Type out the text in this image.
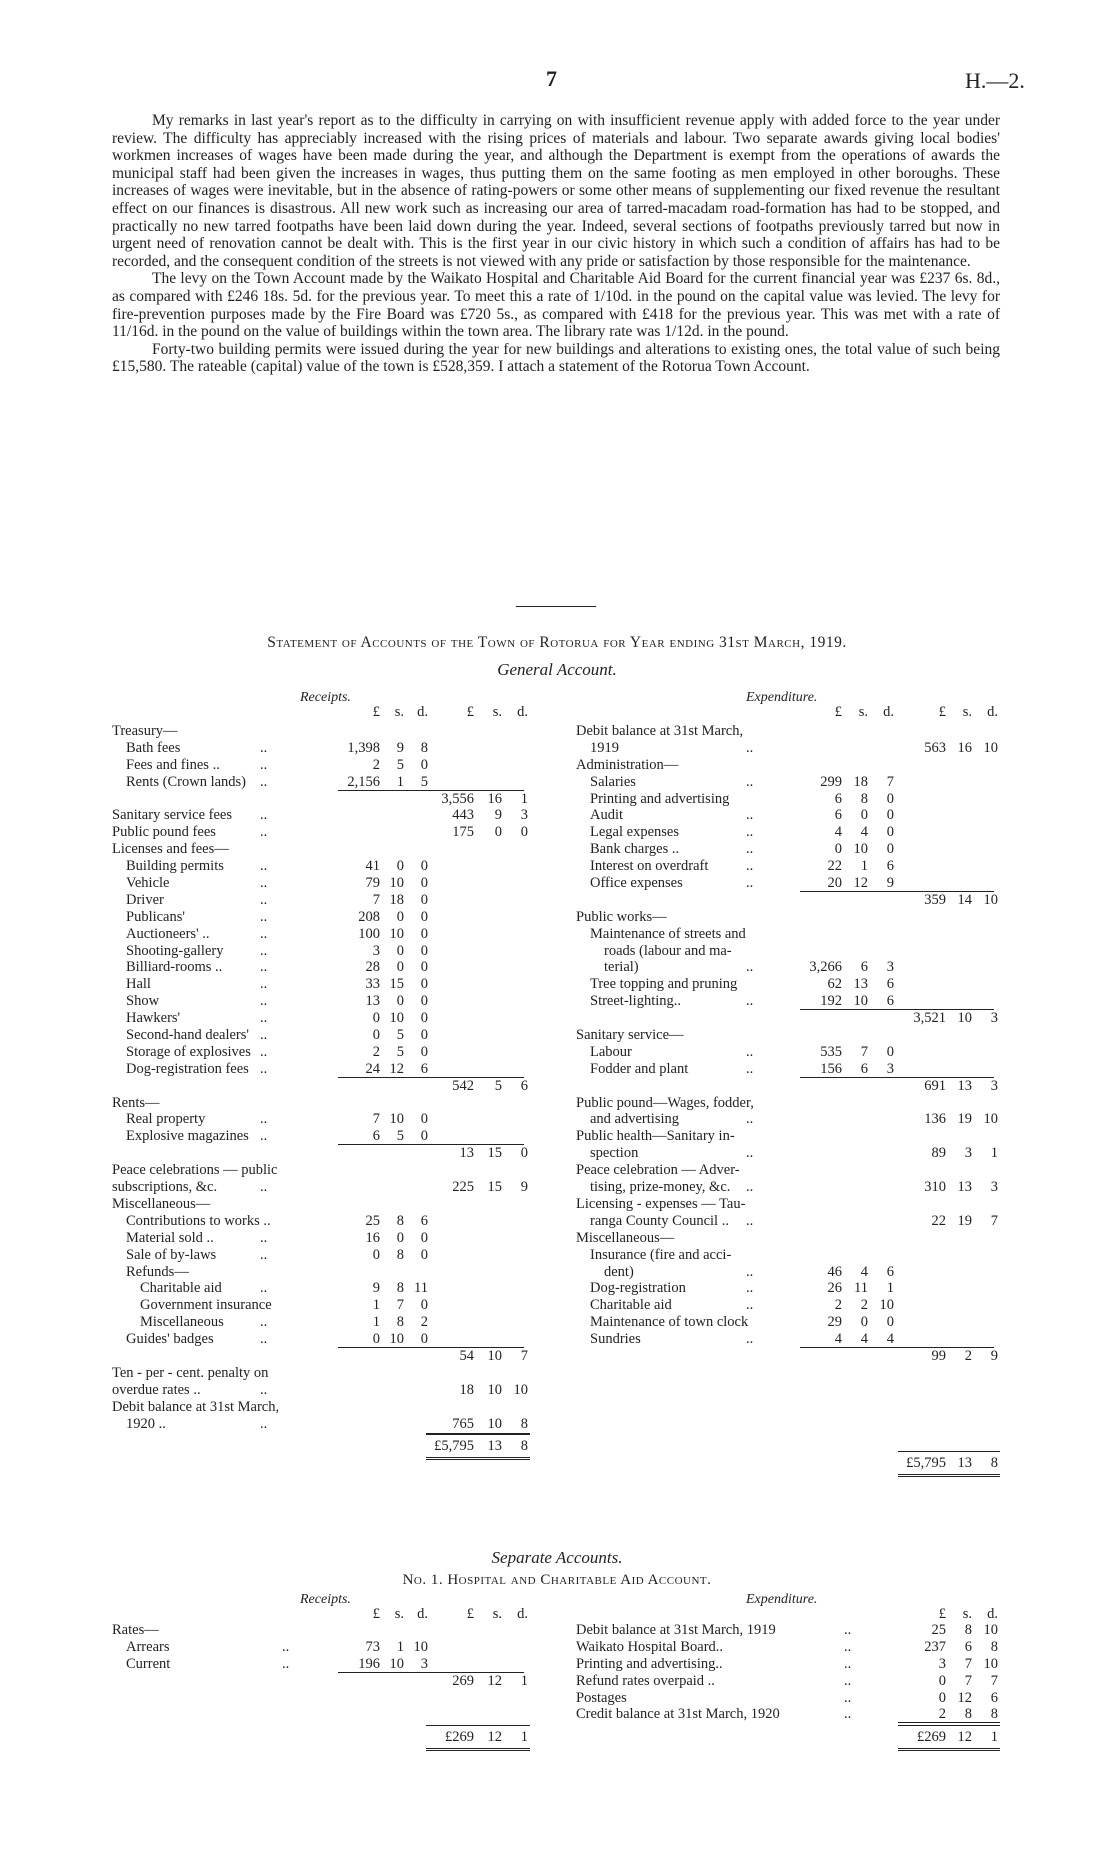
7	H.—2.

My remarks in last year's report as to the difficulty in carrying on with insufficient revenue apply with added force to the year under review. The difficulty has appreciably increased with the rising prices of materials and labour. Two separate awards giving local bodies' workmen increases of wages have been made during the year, and although the Department is exempt from the operations of awards the municipal staff had been given the increases in wages, thus putting them on the same footing as men employed in other boroughs. These increases of wages were inevitable, but in the absence of rating-powers or some other means of supplementing our fixed revenue the resultant effect on our finances is disastrous. All new work such as increasing our area of tarred-macadam road-formation has had to be stopped, and practically no new tarred footpaths have been laid down during the year. Indeed, several sections of footpaths previously tarred but now in urgent need of renovation cannot be dealt with. This is the first year in our civic history in which such a condition of affairs has had to be recorded, and the consequent condition of the streets is not viewed with any pride or satisfaction by those responsible for the maintenance.

The levy on the Town Account made by the Waikato Hospital and Charitable Aid Board for the current financial year was £237 6s. 8d., as compared with £246 18s. 5d. for the previous year. To meet this a rate of 1/10d. in the pound on the capital value was levied. The levy for fire-prevention purposes made by the Fire Board was £720 5s., as compared with £418 for the previous year. This was met with a rate of 11/16d. in the pound on the value of buildings within the town area. The library rate was 1/12d. in the pound.

Forty-two building permits were issued during the year for new buildings and alterations to existing ones, the total value of such being £15,580. The rateable (capital) value of the town is £528,359. I attach a statement of the Rotorua Town Account.

Statement of Accounts of the Town of Rotorua for Year ending 31st March, 1919.
General Account.
Receipts.	Expenditure.
£	s. d.	£	s.	d.	£	s.	d.	£	s.	d.
Treasury—
Bath fees	..	1,398	9	8
Fees and fines ..	..	2	5	0
Rents (Crown lands) ..	2,156	1	5
3,556 16	1
Sanitary service fees ..	443	9	3
Public pound fees	..	175	0	0
Licenses and fees—
Building permits ..	41	0	0
Vehicle	..	79 10	0
Driver	..	7 18	0
Publicans'	..	208	0	0
Auctioneers' ..	..	100 10	0
Shooting-gallery	..	3	0	0
Billiard-rooms ..	..	28	0	0
Hall	..	33 15	0
Show	..	13	0	0
Hawkers'	..	0 10	0
Second-hand dealers' ..	0	5	0
Storage of explosives ..	2	5	0
Dog-registration fees ..	24 12	6
542	5	6
Rents—
Real property	..	7 10	0
Explosive magazines ..	6	5	0
13 15	0
Peace celebrations — public
subscriptions, &c.	..	225 15	9
Miscellaneous—
Contributions to works ..	25	8	6
Material sold ..	..	16	0	0
Sale of by-laws	..	0	8	0
Refunds—
Charitable aid	..	9	8 11
Government insurance	1	7	0
Miscellaneous ..	1	8	2
Guides' badges	..	0 10	0
54 10	7
Ten - per - cent. penalty on
overdue rates ..	..	18 10 10
Debit balance at 31st March,
1920 ..	..	765 10	8
£5,795 13	8
Debit balance at 31st March,
1919	..	563 16 10
Administration—
Salaries	..	299 18	7
Printing and advertising	6	8	0
Audit	..	6	0	0
Legal expenses	..	4	4	0
Bank charges ..	..	0 10	0
Interest on overdraft	..	22	1	6
Office expenses	..	20 12	9
359 14 10
Public works—
Maintenance of streets and
roads (labour and ma-
terial)	..	3,266	6	3
Tree topping and pruning	62 13	6
Street-lighting..	..	192 10	6
3,521 10	3
Sanitary service—
Labour	..	535	7	0
Fodder and plant	..	156	6	3
691 13	3
Public pound—Wages, fodder,
and advertising	..	136 19 10
Public health—Sanitary in-
spection	..	89	3	1
Peace celebration — Adver-
tising, prize-money, &c. ..	310 13	3
Licensing - expenses — Tau-
ranga County Council .. ..	22 19	7
Miscellaneous—
Insurance (fire and acci-
dent)	..	46	4	6
Dog-registration	..	26 11	1
Charitable aid	..	2	2 10
Maintenance of town clock	29	0	0
Sundries	..	4	4	4
99	2	9
£5,795 13	8
Separate Accounts.
No. 1. Hospital and Charitable Aid Account.
Receipts.	Expenditure.
£	s. d.	£	s.	d.	£	s.	d.
Rates—
Arrears	..	73	1 10
Current	..	196 10	3
269 12	1
£269 12	1
Debit balance at 31st March, 1919	..	25	8 10
Waikato Hospital Board..	..	237	6	8
Printing and advertising..	..	3	7 10
Refund rates overpaid ..	..	0	7	7
Postages	..	0 12	6
Credit balance at 31st March, 1920	..	2	8	8
£269 12	1
